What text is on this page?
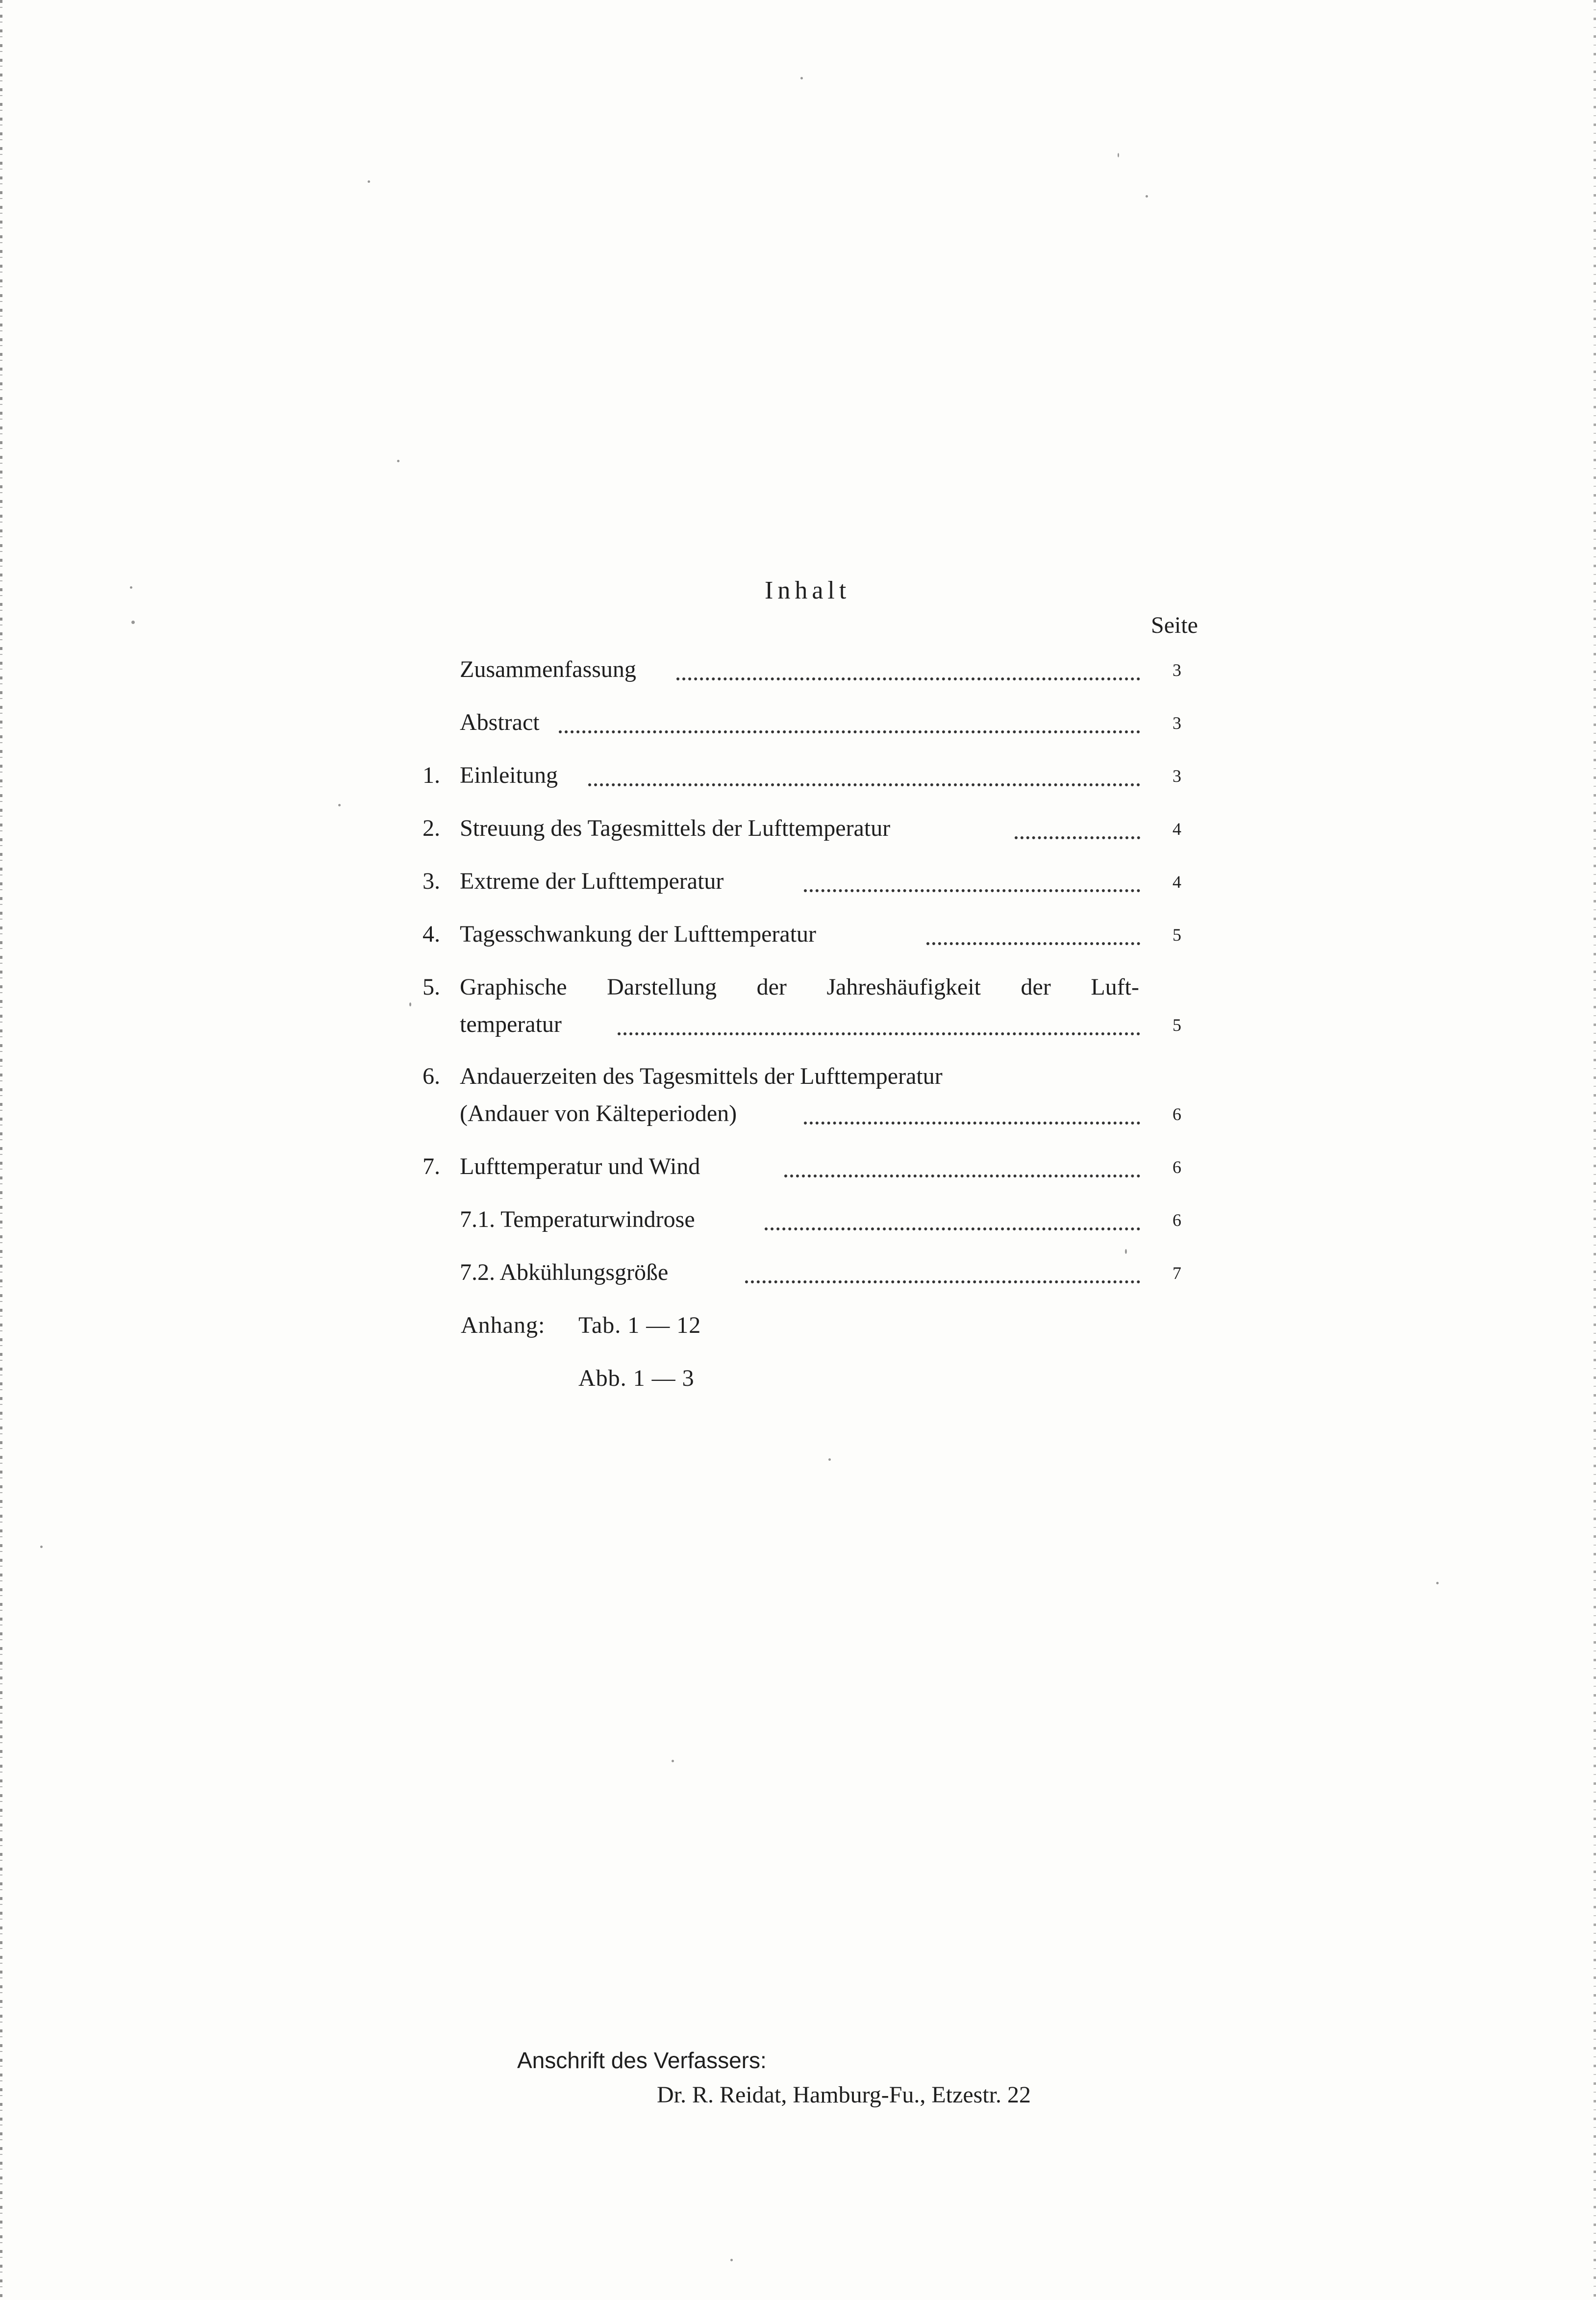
Inhalt
Seite
Zusammenfassung	3
Abstract	3
1. Einleitung	3
2. Streuung des Tagesmittels der Lufttemperatur	4
3. Extreme der Lufttemperatur	4
4. Tagesschwankung der Lufttemperatur	5
5. Graphische Darstellung der Jahreshäufigkeit der Luft-
temperatur	5
6. Andauerzeiten des Tagesmittels der Lufttemperatur
(Andauer von Kälteperioden)	6
7. Lufttemperatur und Wind	6
7.1. Temperaturwindrose	6
7.2. Abkühlungsgröße	7
Anhang: Tab. 1 — 12
Abb. 1 — 3
Anschrift des Verfassers:
Dr. R. Reidat, Hamburg-Fu., Etzestr. 22
